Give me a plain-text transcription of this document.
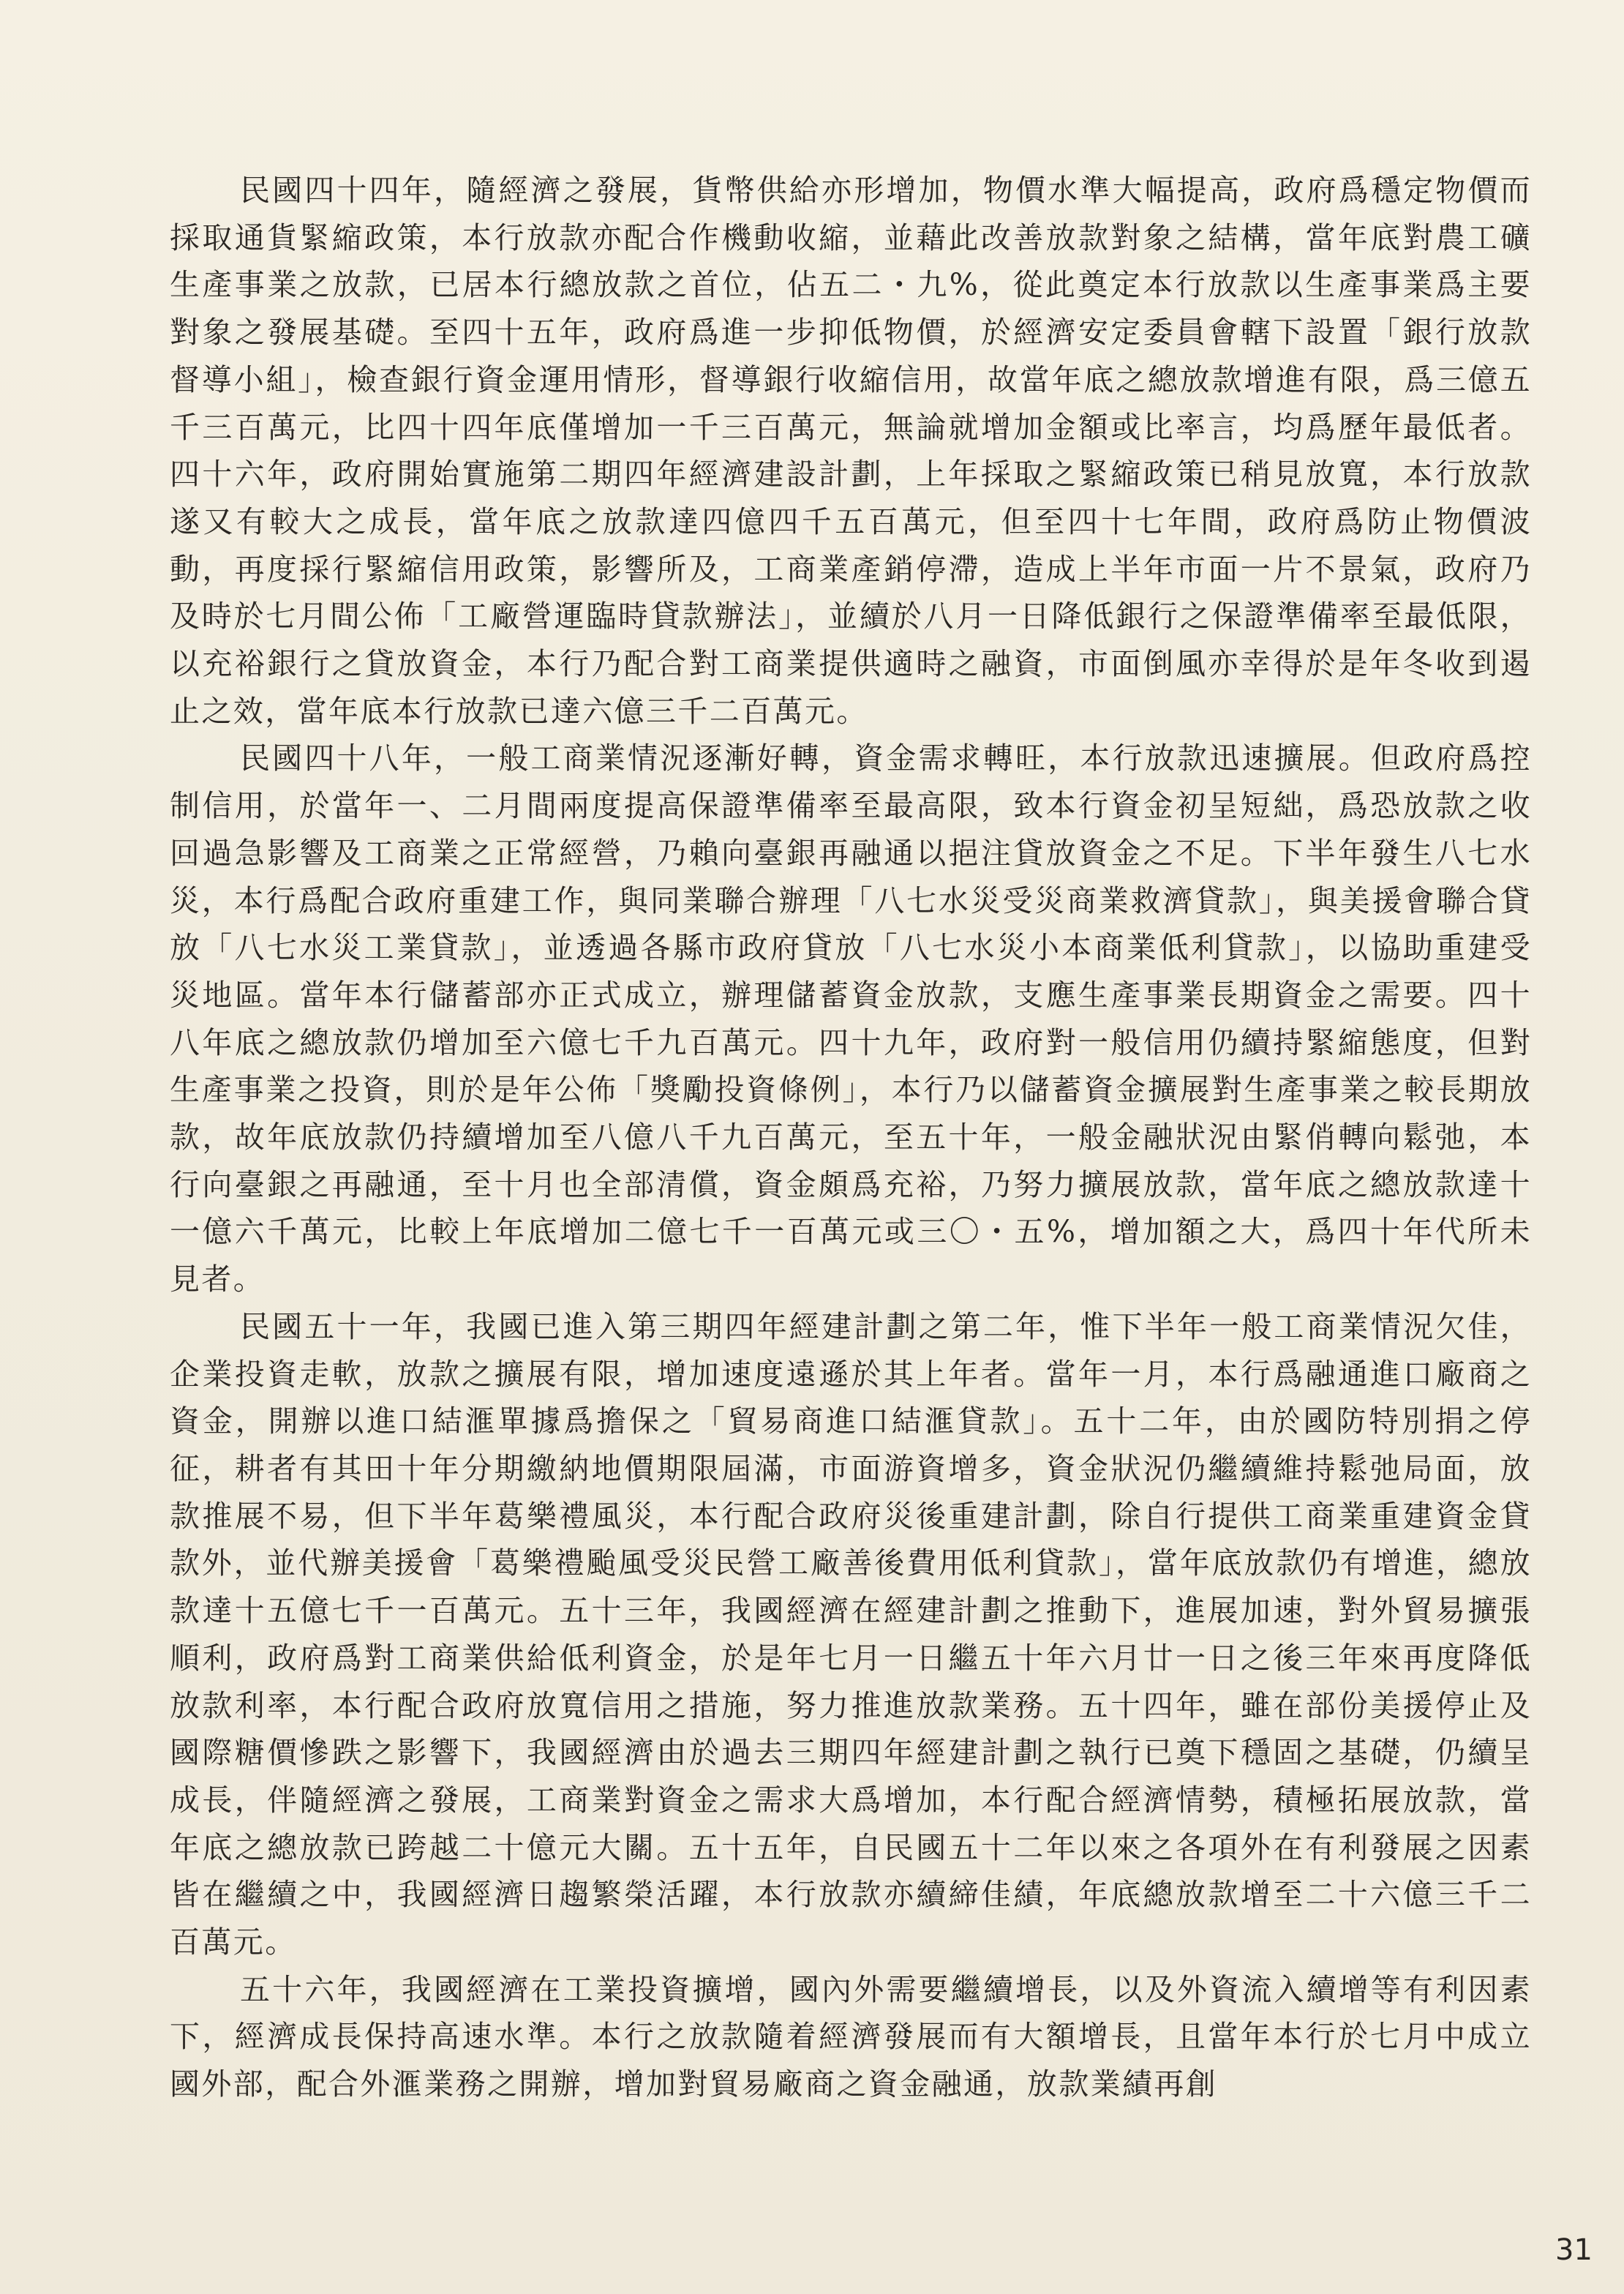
民國四十四年，隨經濟之發展，貨幣供給亦形增加，物價水準大幅提高，政府爲穩定物價而採取通貨緊縮政策，本行放款亦配合作機動收縮，並藉此改善放款對象之結構，當年底對農工礦生產事業之放款，已居本行總放款之首位，佔五二・九%，從此奠定本行放款以生產事業爲主要對象之發展基礎。至四十五年，政府爲進一步抑低物價，於經濟安定委員會轄下設置「銀行放款督導小組」，檢查銀行資金運用情形，督導銀行收縮信用，故當年底之總放款增進有限，爲三億五千三百萬元，比四十四年底僅增加一千三百萬元，無論就增加金額或比率言，均爲歷年最低者。四十六年，政府開始實施第二期四年經濟建設計劃，上年採取之緊縮政策已稍見放寬，本行放款遂又有較大之成長，當年底之放款達四億四千五百萬元，但至四十七年間，政府爲防止物價波動，再度採行緊縮信用政策，影響所及，工商業產銷停滯，造成上半年市面一片不景氣，政府乃及時於七月間公佈「工廠營運臨時貸款辦法」，並續於八月一日降低銀行之保證準備率至最低限，以充裕銀行之貸放資金，本行乃配合對工商業提供適時之融資，市面倒風亦幸得於是年冬收到遏止之效，當年底本行放款已達六億三千二百萬元。

民國四十八年，一般工商業情況逐漸好轉，資金需求轉旺，本行放款迅速擴展。但政府爲控制信用，於當年一、二月間兩度提高保證準備率至最高限，致本行資金初呈短絀，爲恐放款之收回過急影響及工商業之正常經營，乃賴向臺銀再融通以挹注貸放資金之不足。下半年發生八七水災，本行爲配合政府重建工作，與同業聯合辦理「八七水災受災商業救濟貸款」，與美援會聯合貸放「八七水災工業貸款」，並透過各縣市政府貸放「八七水災小本商業低利貸款」，以協助重建受災地區。當年本行儲蓄部亦正式成立，辦理儲蓄資金放款，支應生產事業長期資金之需要。四十八年底之總放款仍增加至六億七千九百萬元。四十九年，政府對一般信用仍續持緊縮態度，但對生產事業之投資，則於是年公佈「獎勵投資條例」，本行乃以儲蓄資金擴展對生產事業之較長期放款，故年底放款仍持續增加至八億八千九百萬元，至五十年，一般金融狀況由緊俏轉向鬆弛，本行向臺銀之再融通，至十月也全部清償，資金頗爲充裕，乃努力擴展放款，當年底之總放款達十一億六千萬元，比較上年底增加二億七千一百萬元或三〇・五%，增加額之大，爲四十年代所未見者。

民國五十一年，我國已進入第三期四年經建計劃之第二年，惟下半年一般工商業情況欠佳，企業投資走軟，放款之擴展有限，增加速度遠遜於其上年者。當年一月，本行爲融通進口廠商之資金，開辦以進口結滙單據爲擔保之「貿易商進口結滙貸款」。五十二年，由於國防特別捐之停征，耕者有其田十年分期繳納地價期限屆滿，市面游資增多，資金狀況仍繼續維持鬆弛局面，放款推展不易，但下半年葛樂禮風災，本行配合政府災後重建計劃，除自行提供工商業重建資金貸款外，並代辦美援會「葛樂禮颱風受災民營工廠善後費用低利貸款」，當年底放款仍有增進，總放款達十五億七千一百萬元。五十三年，我國經濟在經建計劃之推動下，進展加速，對外貿易擴張順利，政府爲對工商業供給低利資金，於是年七月一日繼五十年六月廿一日之後三年來再度降低放款利率，本行配合政府放寬信用之措施，努力推進放款業務。五十四年，雖在部份美援停止及國際糖價慘跌之影響下，我國經濟由於過去三期四年經建計劃之執行已奠下穩固之基礎，仍續呈成長，伴隨經濟之發展，工商業對資金之需求大爲增加，本行配合經濟情勢，積極拓展放款，當年底之總放款已跨越二十億元大關。五十五年，自民國五十二年以來之各項外在有利發展之因素皆在繼續之中，我國經濟日趨繁榮活躍，本行放款亦續締佳績，年底總放款增至二十六億三千二百萬元。

五十六年，我國經濟在工業投資擴增，國內外需要繼續增長，以及外資流入續增等有利因素下，經濟成長保持高速水準。本行之放款隨着經濟發展而有大額增長，且當年本行於七月中成立國外部，配合外滙業務之開辦，增加對貿易廠商之資金融通，放款業績再創

31
